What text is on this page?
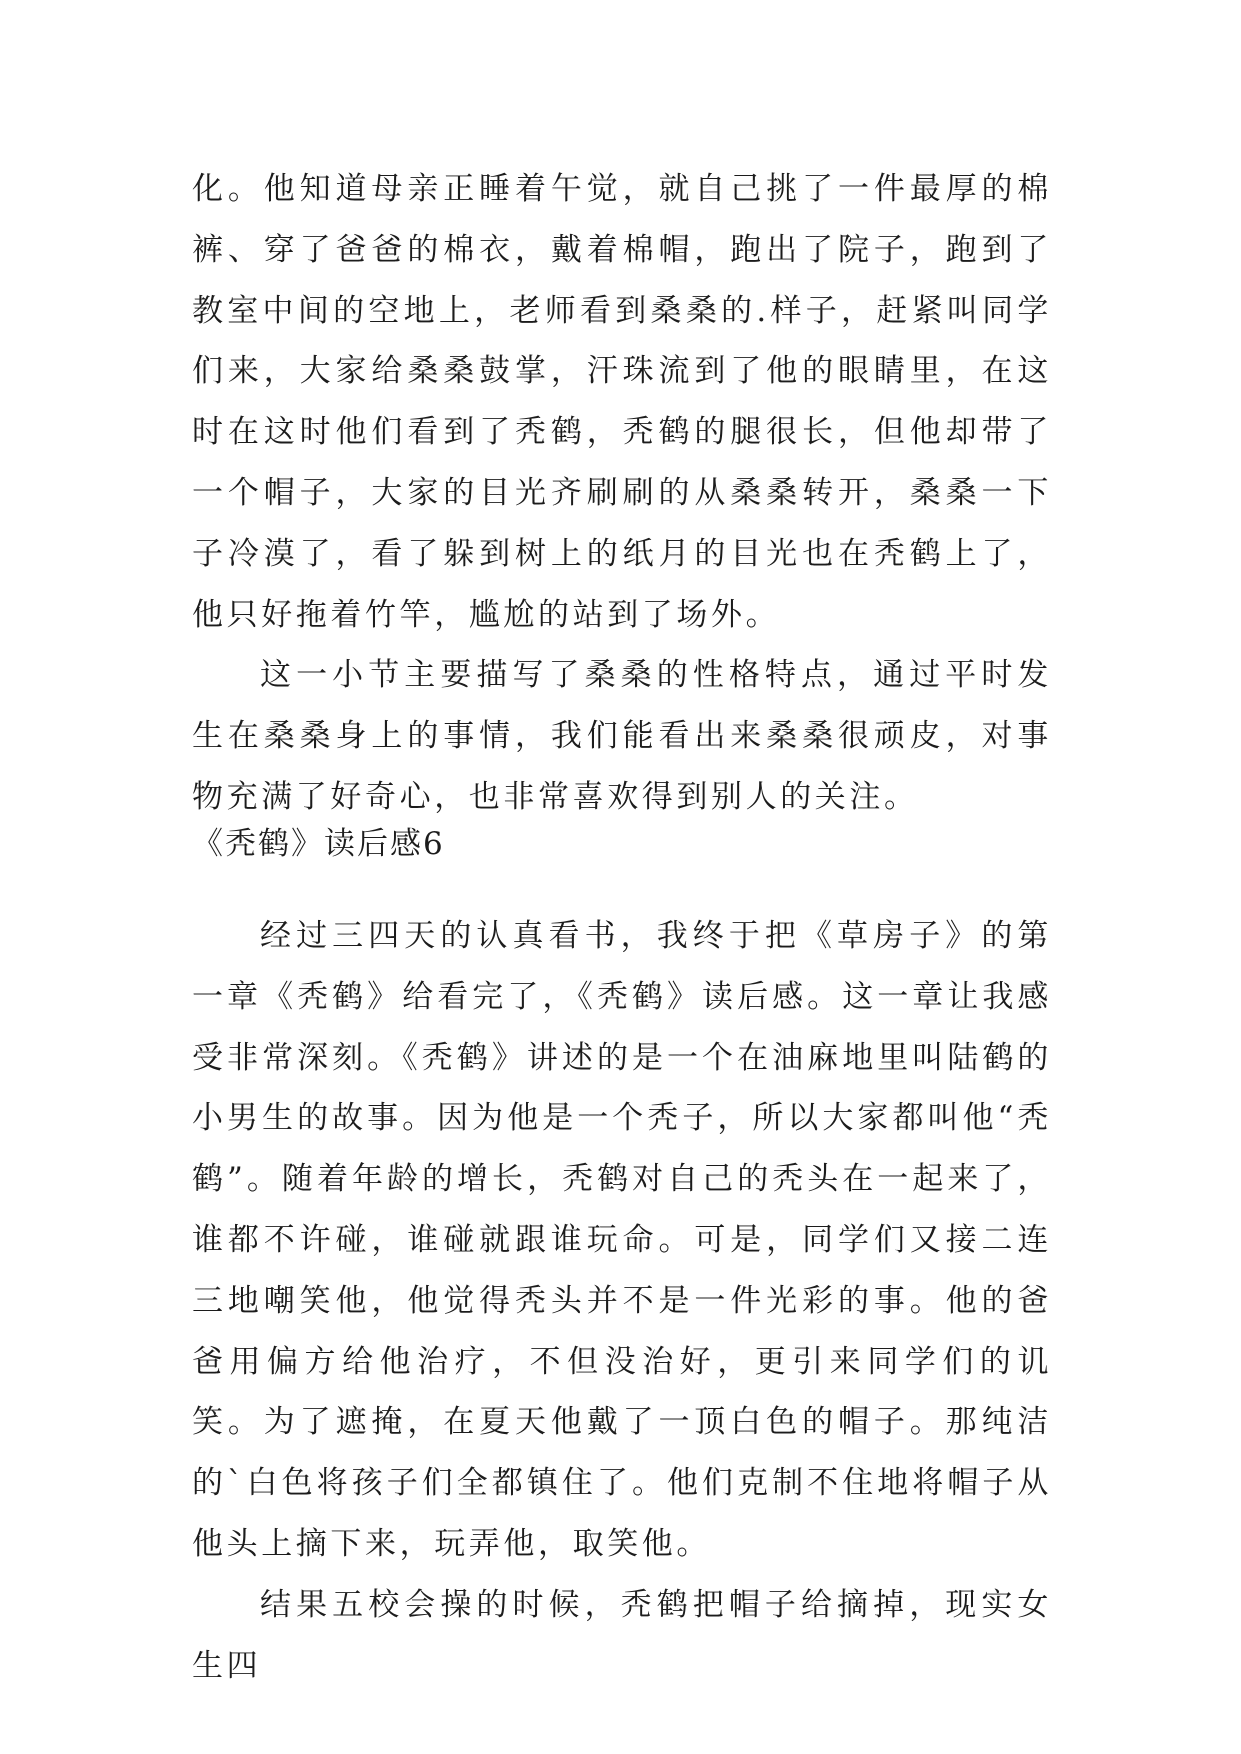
化。他知道母亲正睡着午觉，就自己挑了一件最厚的棉裤、穿了爸爸的棉衣，戴着棉帽，跑出了院子，跑到了教室中间的空地上，老师看到桑桑的.样子，赶紧叫同学们来，大家给桑桑鼓掌，汗珠流到了他的眼睛里，在这时在这时他们看到了秃鹤，秃鹤的腿很长，但他却带了一个帽子，大家的目光齐刷刷的从桑桑转开，桑桑一下子冷漠了，看了躲到树上的纸月的目光也在秃鹤上了，他只好拖着竹竿，尴尬的站到了场外。

这一小节主要描写了桑桑的性格特点，通过平时发生在桑桑身上的事情，我们能看出来桑桑很顽皮，对事物充满了好奇心，也非常喜欢得到别人的关注。

《秃鹤》读后感6

经过三四天的认真看书，我终于把《草房子》的第一章《秃鹤》给看完了，《秃鹤》读后感。这一章让我感受非常深刻。《秃鹤》讲述的是一个在油麻地里叫陆鹤的小男生的故事。因为他是一个秃子，所以大家都叫他“秃鹤”。随着年龄的增长，秃鹤对自己的秃头在一起来了，谁都不许碰，谁碰就跟谁玩命。可是，同学们又接二连三地嘲笑他，他觉得秃头并不是一件光彩的事。他的爸爸用偏方给他治疗，不但没治好，更引来同学们的讥笑。为了遮掩，在夏天他戴了一顶白色的帽子。那纯洁的`白色将孩子们全都镇住了。他们克制不住地将帽子从他头上摘下来，玩弄他，取笑他。

结果五校会操的时候，秃鹤把帽子给摘掉，现实女生四
